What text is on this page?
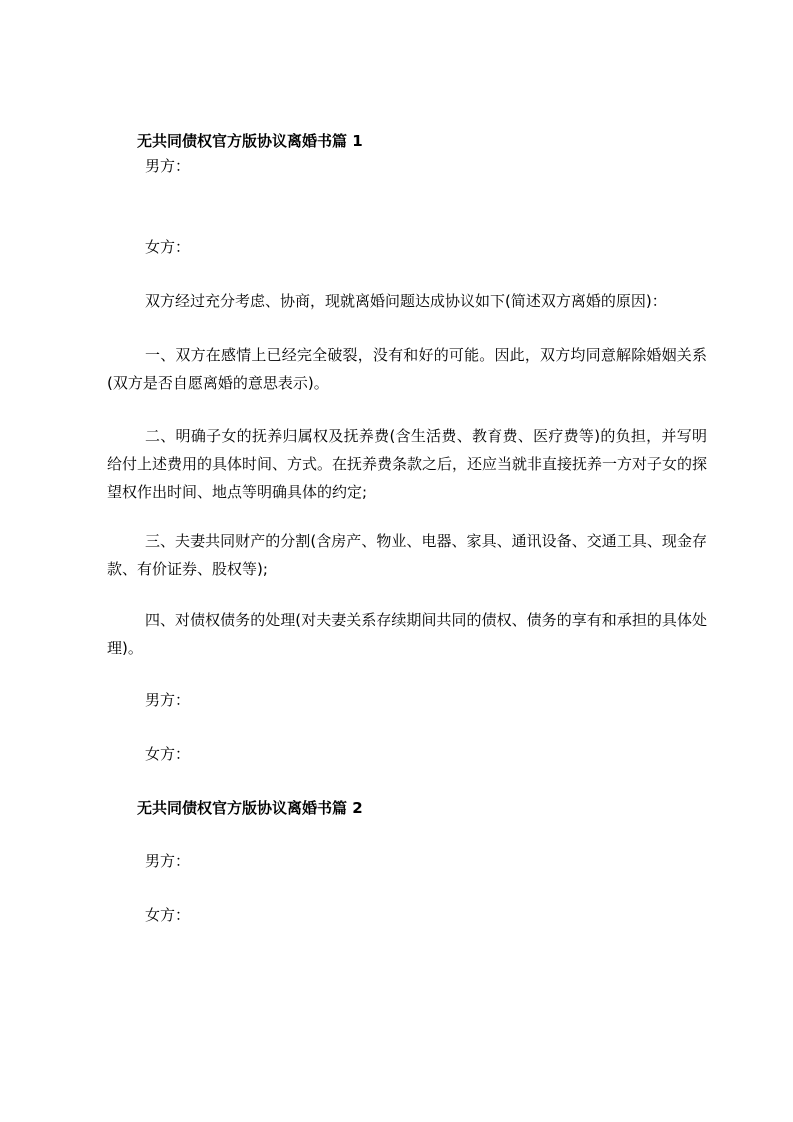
无共同债权官方版协议离婚书篇 1
男方：
女方：
双方经过充分考虑、协商，现就离婚问题达成协议如下(简述双方离婚的原因)：
一、双方在感情上已经完全破裂，没有和好的可能。因此，双方均同意解除婚姻关系(双方是否自愿离婚的意思表示)。
二、明确子女的抚养归属权及抚养费(含生活费、教育费、医疗费等)的负担，并写明给付上述费用的具体时间、方式。在抚养费条款之后，还应当就非直接抚养一方对子女的探望权作出时间、地点等明确具体的约定;
三、夫妻共同财产的分割(含房产、物业、电器、家具、通讯设备、交通工具、现金存款、有价证券、股权等);
四、对债权债务的处理(对夫妻关系存续期间共同的债权、债务的享有和承担的具体处理)。
男方：
女方：
无共同债权官方版协议离婚书篇 2
男方：
女方：
